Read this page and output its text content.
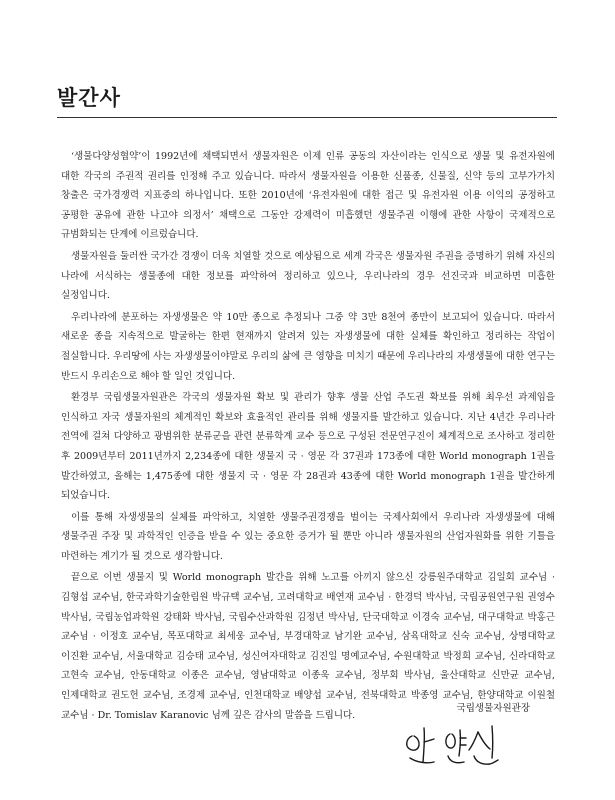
발간사

‘생물다양성협약’이 1992년에 채택되면서 생물자원은 이제 인류 공동의 자산이라는 인식으로 생물 및 유전자원에 대한 각국의 주권적 권리를 인정해 주고 있습니다. 따라서 생물자원을 이용한 신품종, 신물질, 신약 등의 고부가가치 창출은 국가경쟁력 지표중의 하나입니다. 또한 2010년에 ‘유전자원에 대한 접근 및 유전자원 이용 이익의 공정하고 공평한 공유에 관한 나고야 의정서’ 채택으로 그동안 강제력이 미흡했던 생물주권 이행에 관한 사항이 국제적으로 규범화되는 단계에 이르렀습니다.

생물자원을 둘러싼 국가간 경쟁이 더욱 치열할 것으로 예상됨으로 세계 각국은 생물자원 주권을 증명하기 위해 자신의 나라에 서식하는 생물종에 대한 정보를 파악하여 정리하고 있으나, 우리나라의 경우 선진국과 비교하면 미흡한 실정입니다.

우리나라에 분포하는 자생생물은 약 10만 종으로 추정되나 그중 약 3만 8천여 종만이 보고되어 있습니다. 따라서 새로운 종을 지속적으로 발굴하는 한편 현재까지 알려져 있는 자생생물에 대한 실체를 확인하고 정리하는 작업이 절실합니다. 우리땅에 사는 자생생물이야말로 우리의 삶에 큰 영향을 미치기 때문에 우리나라의 자생생물에 대한 연구는 반드시 우리손으로 해야 할 일인 것입니다.

환경부 국립생물자원관은 각국의 생물자원 확보 및 관리가 향후 생물 산업 주도권 확보를 위해 최우선 과제임을 인식하고 자국 생물자원의 체계적인 확보와 효율적인 관리를 위해 생물지를 발간하고 있습니다. 지난 4년간 우리나라 전역에 걸쳐 다양하고 광범위한 분류군을 관련 분류학계 교수 등으로 구성된 전문연구진이 체계적으로 조사하고 정리한 후 2009년부터 2011년까지 2,234종에 대한 생물지 국 · 영문 각 37권과 173종에 대한 World monograph 1권을 발간하였고, 올해는 1,475종에 대한 생물지 국 · 영문 각 28권과 43종에 대한 World monograph 1권을 발간하게 되었습니다.

이를 통해 자생생물의 실체를 파악하고, 치열한 생물주권경쟁을 벌이는 국제사회에서 우리나라 자생생물에 대해 생물주권 주장 및 과학적인 인증을 받을 수 있는 중요한 증거가 될 뿐만 아니라 생물자원의 산업자원화를 위한 기틀을 마련하는 계기가 될 것으로 생각합니다.

끝으로 이번 생물지 및 World monograph 발간을 위해 노고를 아끼지 않으신 강릉원주대학교 김일회 교수님 · 김형섭 교수님, 한국과학기술한림원 박규택 교수님, 고려대학교 배연재 교수님 · 한경덕 박사님, 국립공원연구원 권영수 박사님, 국립농업과학원 강태화 박사님, 국립수산과학원 김정년 박사님, 단국대학교 이경숙 교수님, 대구대학교 박홍근 교수님 · 이정호 교수님, 목포대학교 최세웅 교수님, 부경대학교 남기완 교수님, 삼육대학교 신숙 교수님, 상명대학교 이진환 교수님, 서울대학교 김승태 교수님, 성신여자대학교 김진일 명예교수님, 수원대학교 박정희 교수님, 신라대학교 고현숙 교수님, 안동대학교 이종은 교수님, 영남대학교 이종욱 교수님, 정부회 박사님, 울산대학교 신만균 교수님, 인제대학교 권도헌 교수님, 조경제 교수님, 인천대학교 배양섭 교수님, 전북대학교 박종영 교수님, 한양대학교 이원철 교수님 · Dr. Tomislav Karanovic 님께 깊은 감사의 말씀을 드립니다.

국립생물자원관장
